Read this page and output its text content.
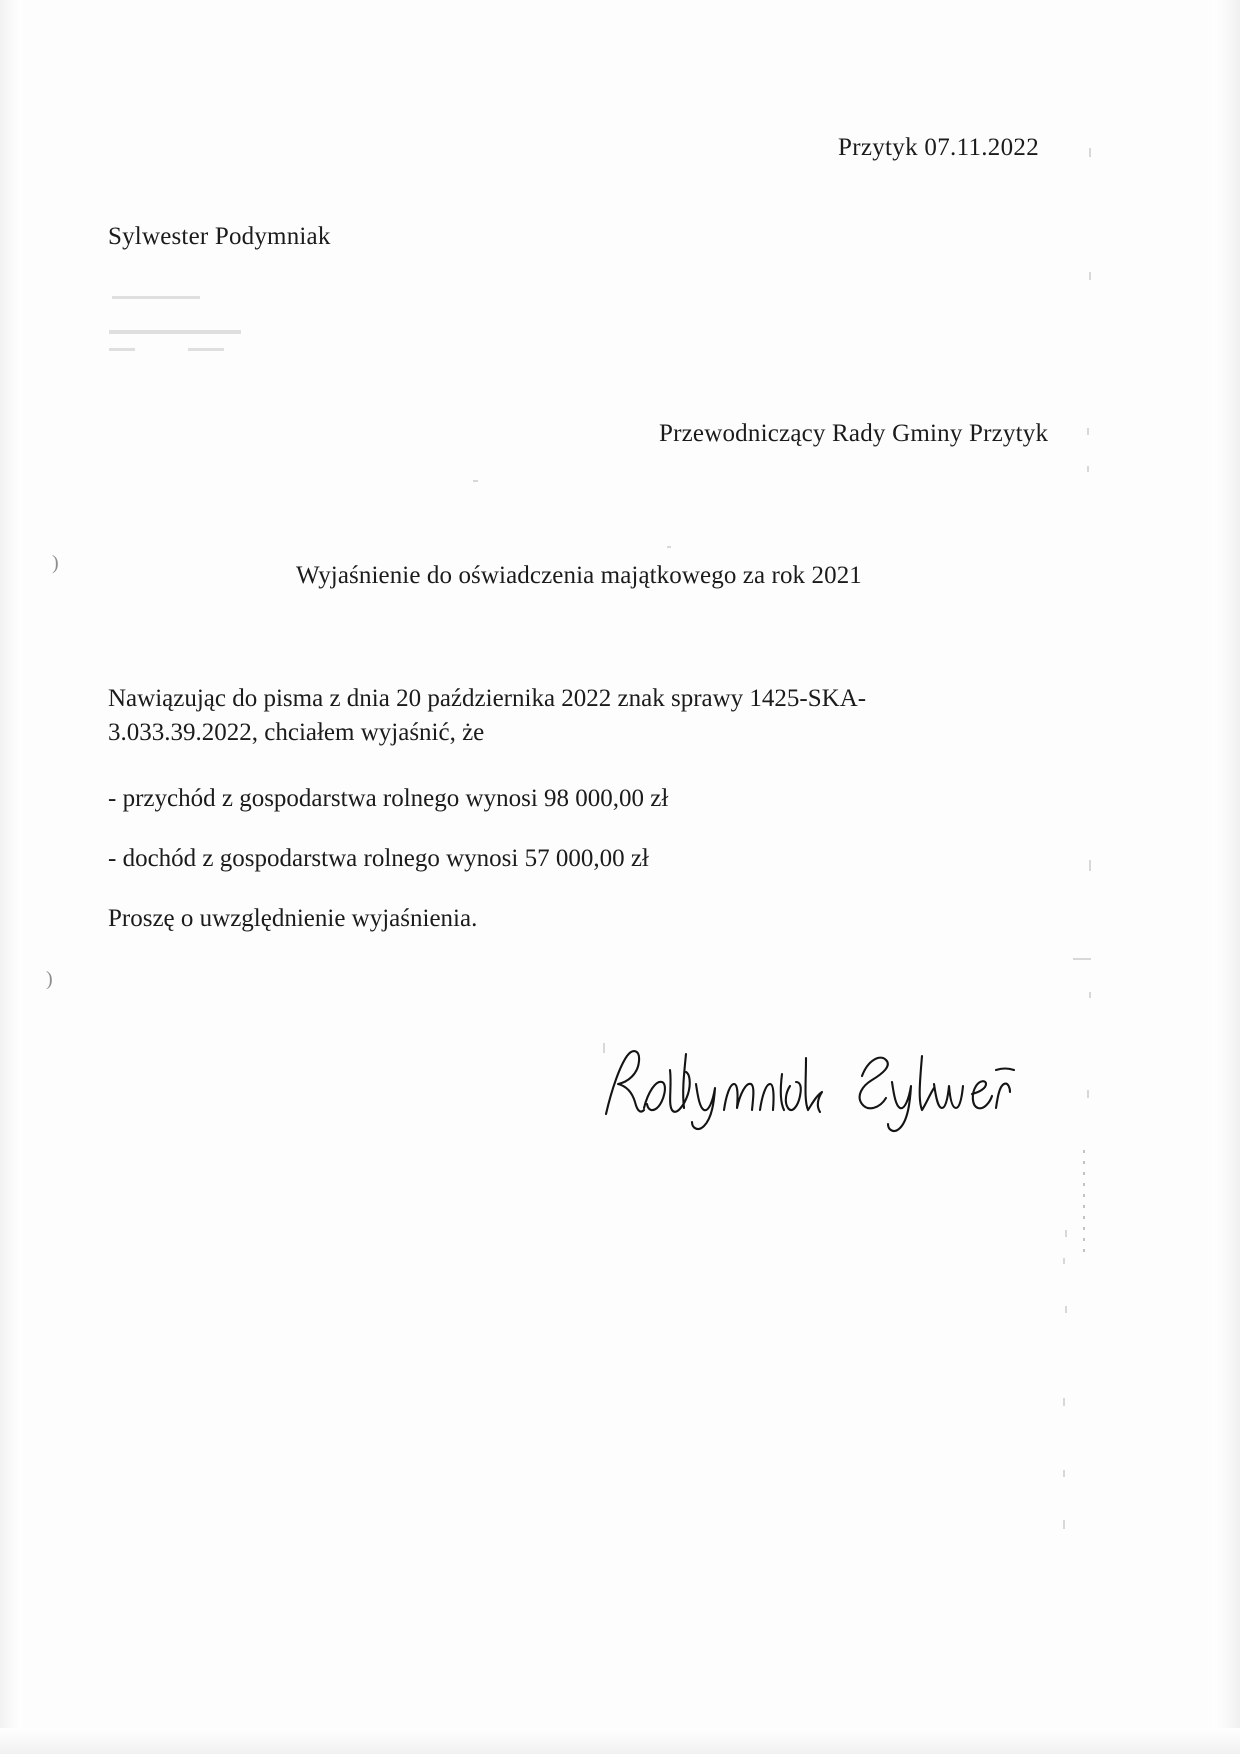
)
)
Przytyk 07.11.2022
Sylwester Podymniak
Przewodniczący Rady Gminy Przytyk
Wyjaśnienie do oświadczenia majątkowego za rok 2021

Nawiązując do pisma z dnia 20 października 2022 znak sprawy 1425-SKA-3.033.39.2022, chciałem wyjaśnić, że

- przychód z gospodarstwa rolnego wynosi 98 000,00 zł

- dochód z gospodarstwa rolnego wynosi 57 000,00 zł

Proszę o uwzględnienie wyjaśnienia.
